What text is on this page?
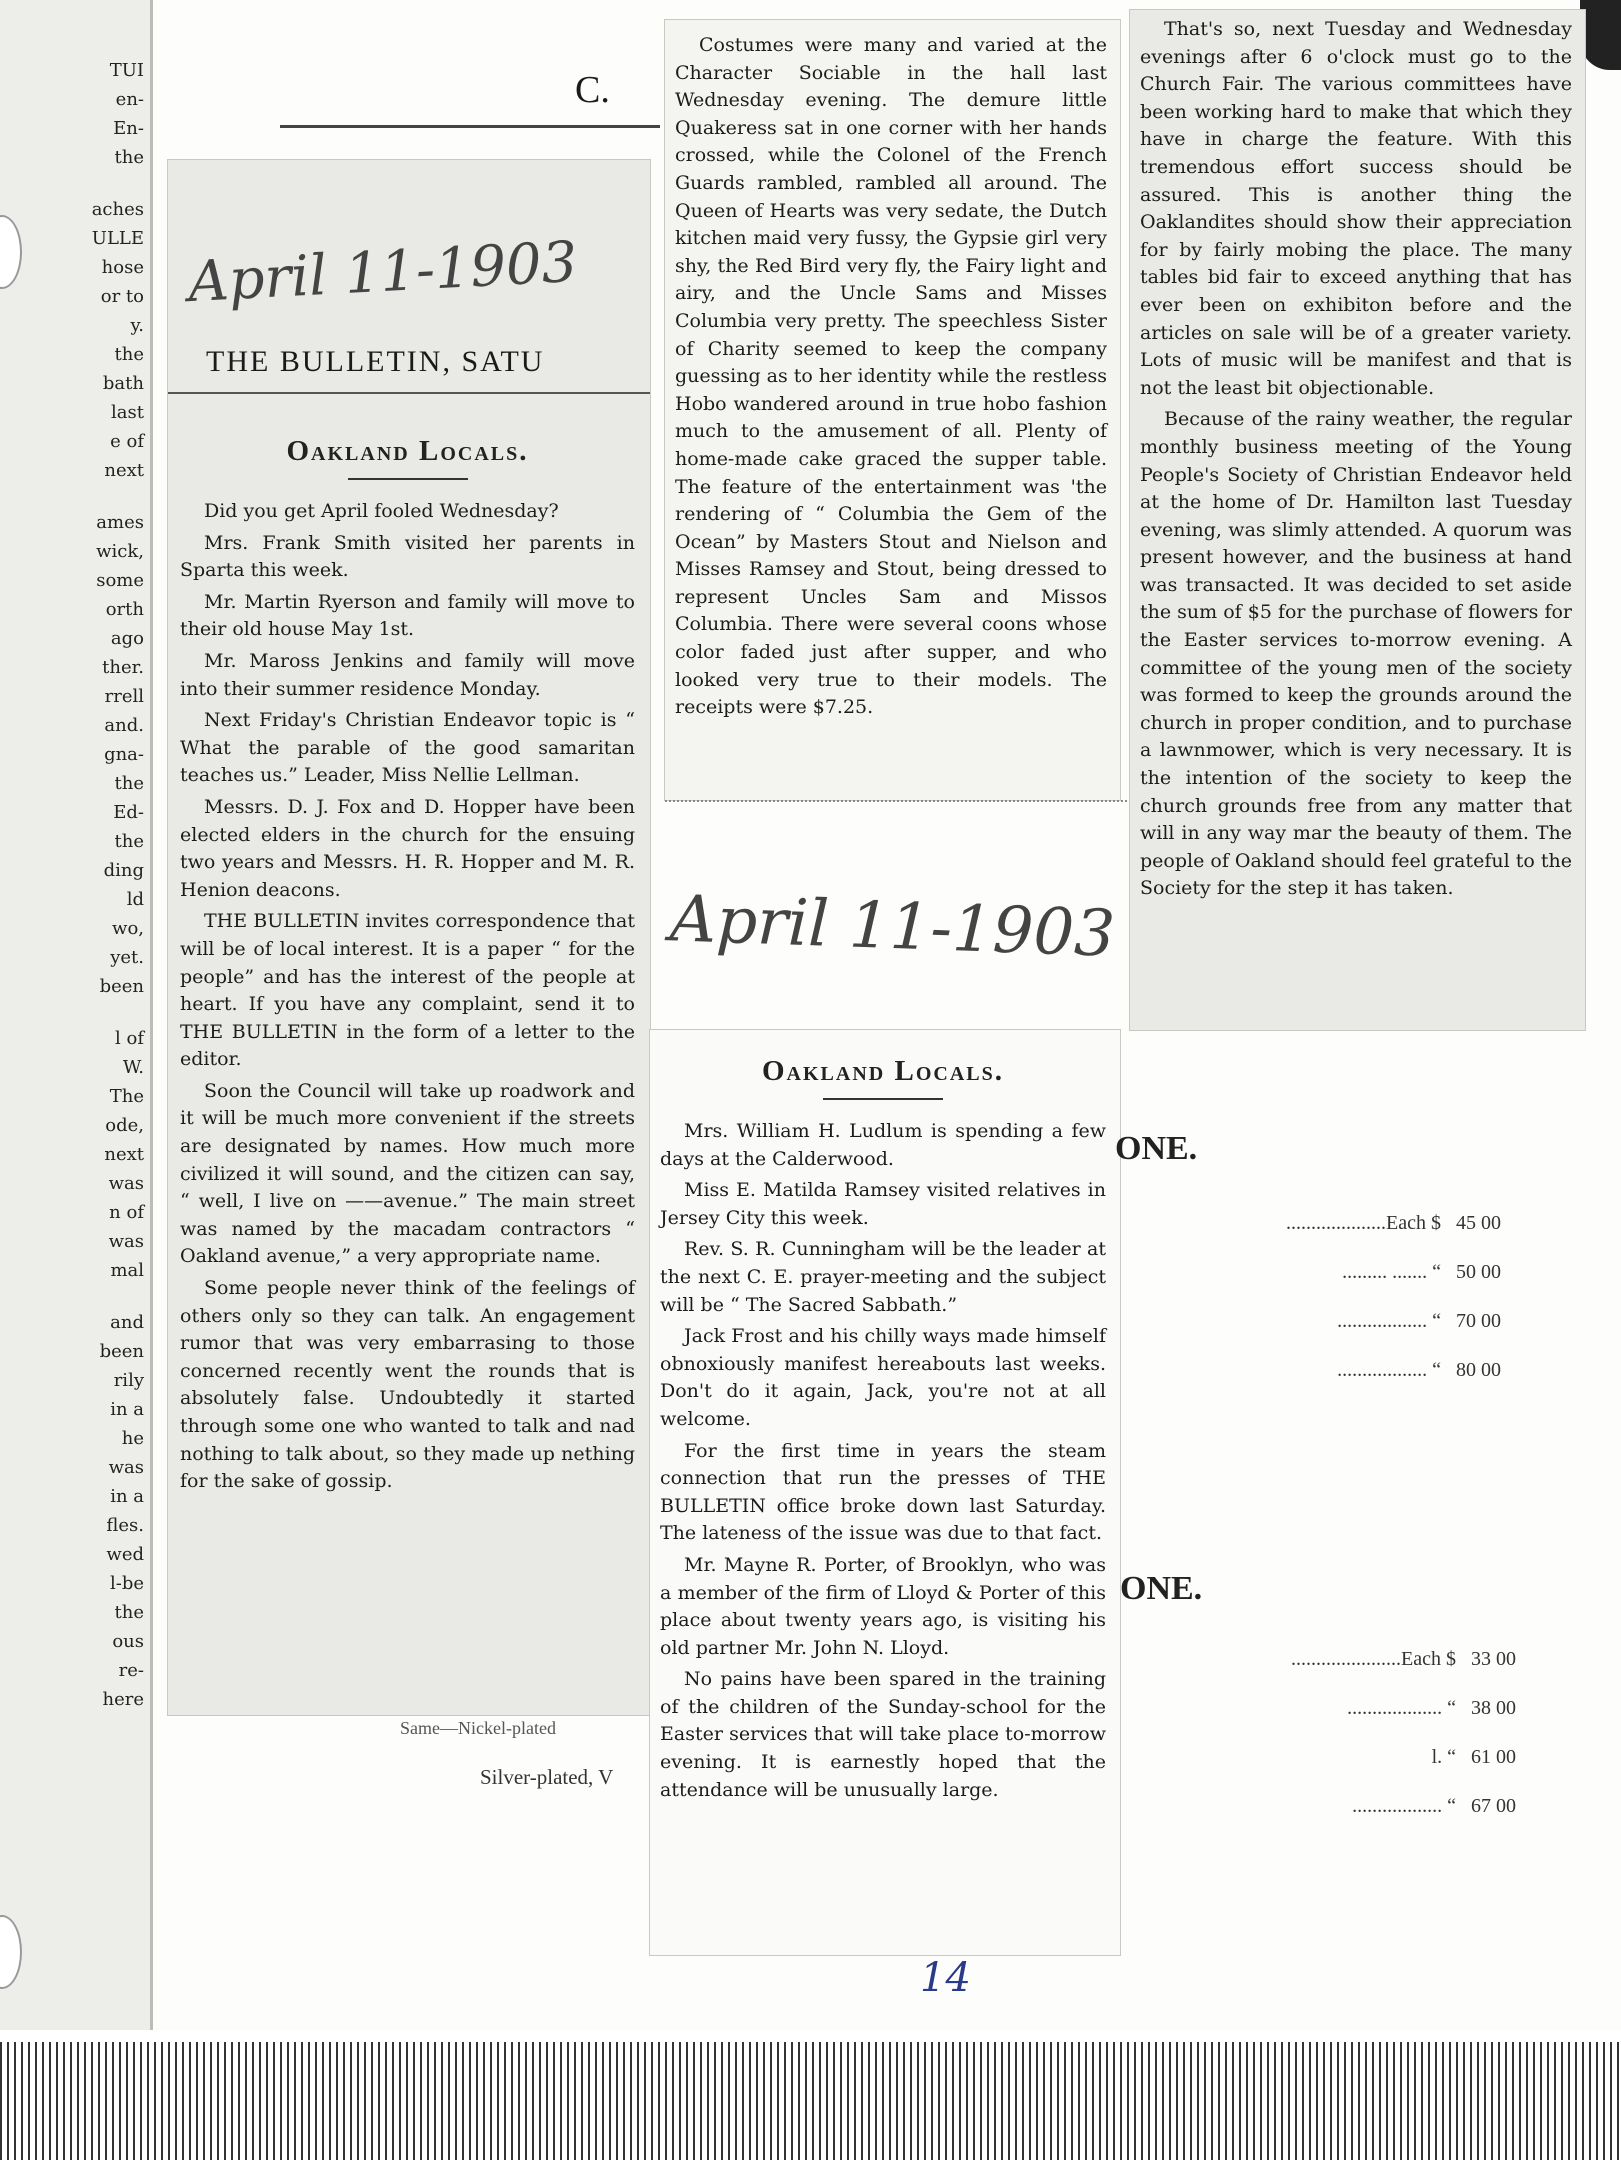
TUI
en-
En-
the
aches
ULLE
hose
or to
y.
the
bath
last
e of
next
ames
wick,
some
orth
ago
ther.
rrell
and.
gna-
the
Ed-
the
ding
ld
wo,
yet.
been
l of
W.
The
ode,
next
was
n of
was
mal
and
been
rily
in a
he
was
in a
fles.
wed
l-be
the
ous
re-
here
C.
April 11-1903
THE BULLETIN, SATU
Oakland Locals.

Did you get April fooled Wednesday?

Mrs. Frank Smith visited her parents in Sparta this week.

Mr. Martin Ryerson and family will move to their old house May 1st.

Mr. Maross Jenkins and family will move into their summer residence Monday.

Next Friday's Christian Endeavor topic is “ What the parable of the good samaritan teaches us.” Leader, Miss Nellie Lellman.

Messrs. D. J. Fox and D. Hopper have been elected elders in the church for the ensuing two years and Messrs. H. R. Hopper and M. R. Henion deacons.

THE BULLETIN invites correspondence that will be of local interest. It is a paper “ for the people” and has the interest of the people at heart. If you have any complaint, send it to THE BULLETIN in the form of a letter to the editor.

Soon the Council will take up roadwork and it will be much more convenient if the streets are designated by names. How much more civilized it will sound, and the citizen can say, “ well, I live on ——avenue.” The main street was named by the macadam contractors “ Oakland avenue,” a very appropriate name.

Some people never think of the feelings of others only so they can talk. An engagement rumor that was very embarrasing to those concerned recently went the rounds that is absolutely false. Undoubtedly it started through some one who wanted to talk and nad nothing to talk about, so they made up nething for the sake of gossip.

Same—Nickel-plated
Silver-plated, V

Costumes were many and varied at the Character Sociable in the hall last Wednesday evening. The demure little Quakeress sat in one corner with her hands crossed, while the Colonel of the French Guards rambled, rambled all around. The Queen of Hearts was very sedate, the Dutch kitchen maid very fussy, the Gypsie girl very shy, the Red Bird very fly, the Fairy light and airy, and the Uncle Sams and Misses Columbia very pretty. The speechless Sister of Charity seemed to keep the company guessing as to her identity while the restless Hobo wandered around in true hobo fashion much to the amusement of all. Plenty of home-made cake graced the supper table. The feature of the entertainment was 'the rendering of “ Columbia the Gem of the Ocean” by Masters Stout and Nielson and Misses Ramsey and Stout, being dressed to represent Uncles Sam and Missos Columbia. There were several coons whose color faded just after supper, and who looked very true to their models. The receipts were $7.25.

April 11-1903
Oakland Locals.

Mrs. William H. Ludlum is spending a few days at the Calderwood.

Miss E. Matilda Ramsey visited relatives in Jersey City this week.

Rev. S. R. Cunningham will be the leader at the next C. E. prayer-meeting and the subject will be “ The Sacred Sabbath.”

Jack Frost and his chilly ways made himself obnoxiously manifest hereabouts last weeks. Don't do it again, Jack, you're not at all welcome.

For the first time in years the steam connection that run the presses of THE BULLETIN office broke down last Saturday. The lateness of the issue was due to that fact.

Mr. Mayne R. Porter, of Brooklyn, who was a member of the firm of Lloyd & Porter of this place about twenty years ago, is visiting his old partner Mr. John N. Lloyd.

No pains have been spared in the training of the children of the Sunday-school for the Easter services that will take place to-morrow evening. It is earnestly hoped that the attendance will be unusually large.

That's so, next Tuesday and Wednesday evenings after 6 o'clock must go to the Church Fair. The various committees have been working hard to make that which they have in charge the feature. With this tremendous effort success should be assured. This is another thing the Oaklandites should show their appreciation for by fairly mobing the place. The many tables bid fair to exceed anything that has ever been on exhibiton before and the articles on sale will be of a greater variety. Lots of music will be manifest and that is not the least bit objectionable.

Because of the rainy weather, the regular monthly business meeting of the Young People's Society of Christian Endeavor held at the home of Dr. Hamilton last Tuesday evening, was slimly attended. A quorum was present however, and the business at hand was transacted. It was decided to set aside the sum of $5 for the purchase of flowers for the Easter services to-morrow evening. A committee of the young men of the society was formed to keep the grounds around the church in proper condition, and to purchase a lawnmower, which is very necessary. It is the intention of the society to keep the church grounds free from any matter that will in any way mar the beauty of them. The people of Oakland should feel grateful to the Society for the step it has taken.

ONE.
....................Each $ 45 00
......... ....... “ 50 00
.................. “ 70 00
.................. “ 80 00
ONE.
......................Each $ 33 00
................... “ 38 00
l. “ 61 00
.................. “ 67 00
14
